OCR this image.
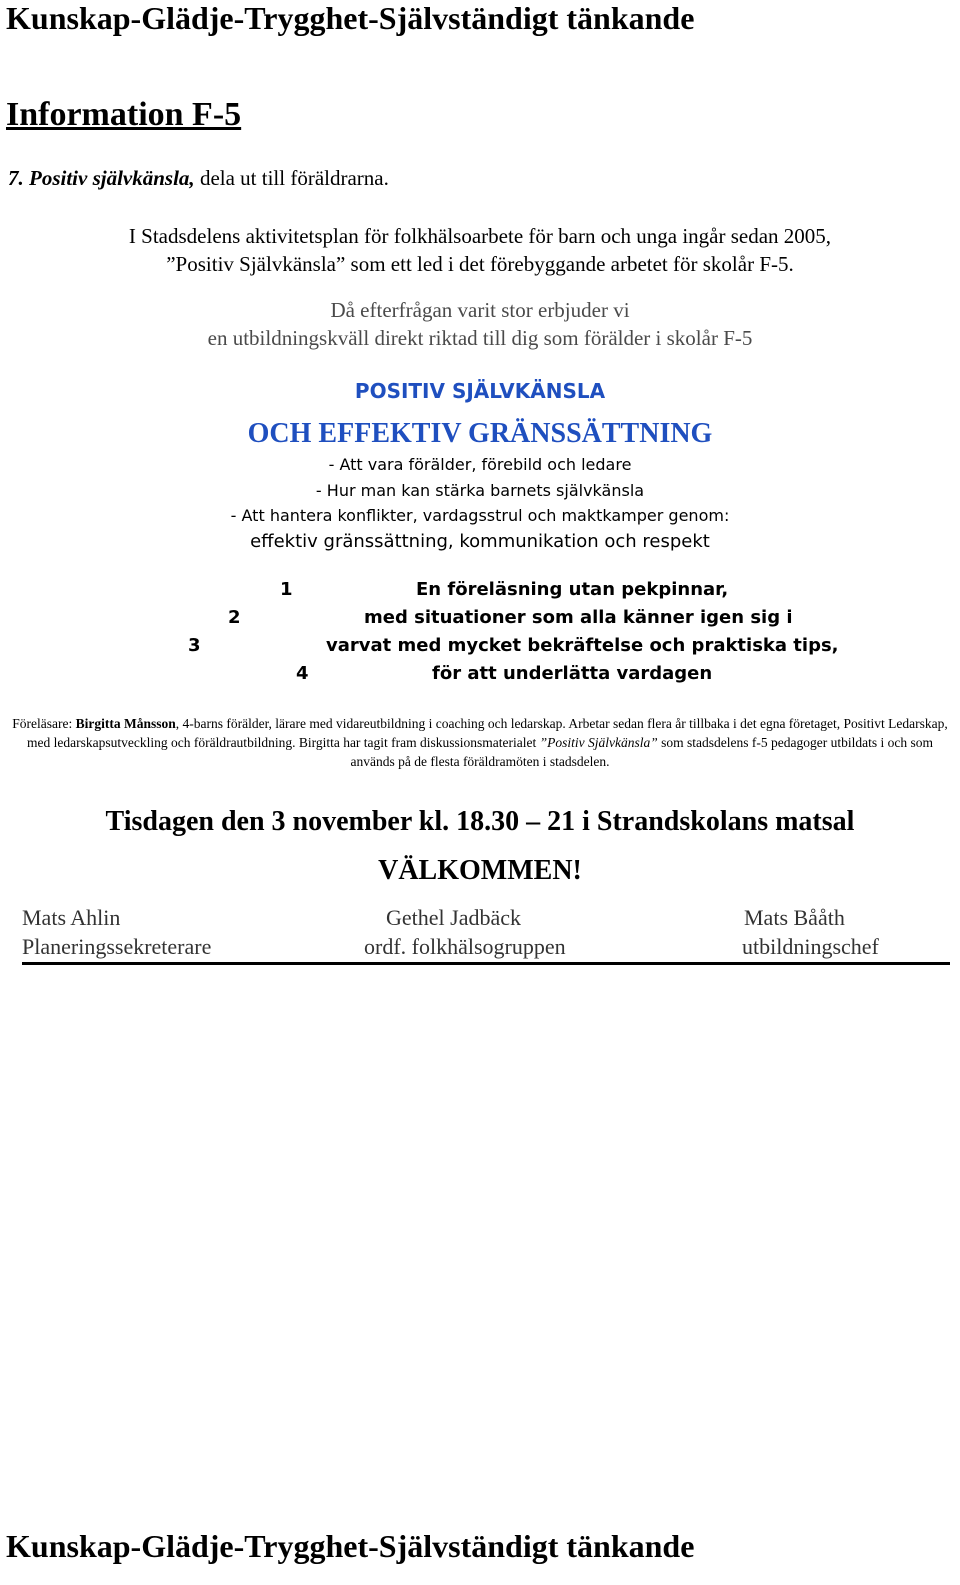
Kunskap-Glädje-Trygghet-Självständigt tänkande
Information F-5
7. Positiv självkänsla, dela ut till föräldrarna.
I Stadsdelens aktivitetsplan för folkhälsoarbete för barn och unga ingår sedan 2005,
”Positiv Självkänsla” som ett led i det förebyggande arbetet för skolår F-5.
Då efterfrågan varit stor erbjuder vi
en utbildningskväll direkt riktad till dig som förälder i skolår F-5
POSITIV SJÄLVKÄNSLA
OCH EFFEKTIV GRÄNSSÄTTNING
- Att vara förälder, förebild och ledare
- Hur man kan stärka barnets självkänsla
- Att hantera konflikter, vardagsstrul och maktkamper genom:
effektiv gränssättning, kommunikation och respekt
1	En föreläsning utan pekpinnar,
2	med situationer som alla känner igen sig i
3	varvat med mycket bekräftelse och praktiska tips,
4	för att underlätta vardagen
Föreläsare: Birgitta Månsson, 4-barns förälder, lärare med vidareutbildning i coaching och ledarskap. Arbetar sedan flera år tillbaka i det egna företaget, Positivt Ledarskap, med ledarskapsutveckling och föräldrautbildning. Birgitta har tagit fram diskussionsmaterialet ”Positiv Självkänsla” som stadsdelens f-5 pedagoger utbildats i och som används på de flesta föräldramöten i stadsdelen.
Tisdagen den 3 november kl. 18.30 – 21 i Strandskolans matsal
VÄLKOMMEN!
Mats Ahlin
Planeringssekreterare
Gethel Jadbäck
ordf. folkhälsogruppen
Mats Bååth
utbildningschef
Kunskap-Glädje-Trygghet-Självständigt tänkande
